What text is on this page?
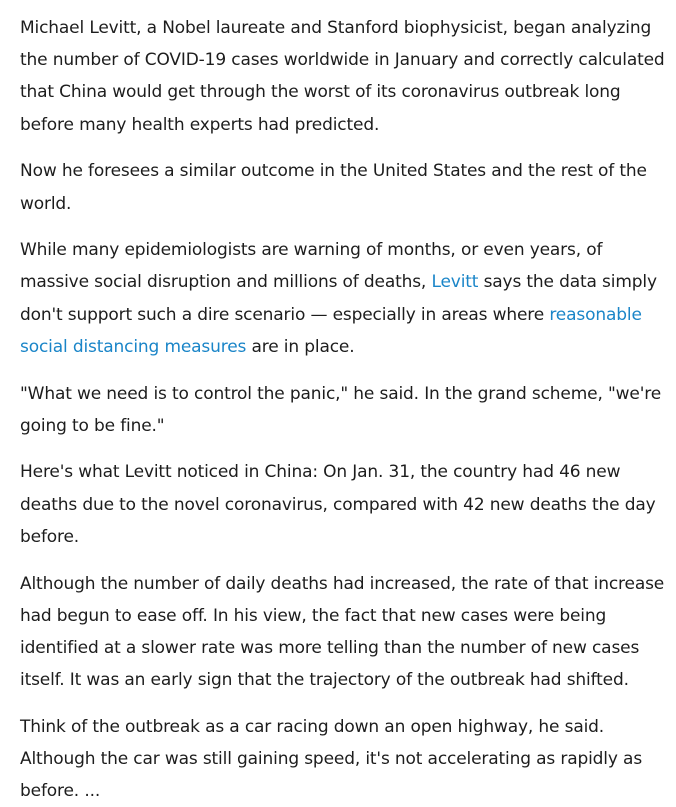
Michael Levitt, a Nobel laureate and Stanford biophysicist, began analyzing the number of COVID-19 cases worldwide in January and correctly calculated that China would get through the worst of its coronavirus outbreak long before many health experts had predicted.

Now he foresees a similar outcome in the United States and the rest of the world.

While many epidemiologists are warning of months, or even years, of massive social disruption and millions of deaths, Levitt says the data simply don't support such a dire scenario — especially in areas where reasonable social distancing measures are in place.

"What we need is to control the panic," he said. In the grand scheme, "we're going to be fine."

Here's what Levitt noticed in China: On Jan. 31, the country had 46 new deaths due to the novel coronavirus, compared with 42 new deaths the day before.

Although the number of daily deaths had increased, the rate of that increase had begun to ease off. In his view, the fact that new cases were being identified at a slower rate was more telling than the number of new cases itself. It was an early sign that the trajectory of the outbreak had shifted.

Think of the outbreak as a car racing down an open highway, he said. Although the car was still gaining speed, it's not accelerating as rapidly as before. ...
